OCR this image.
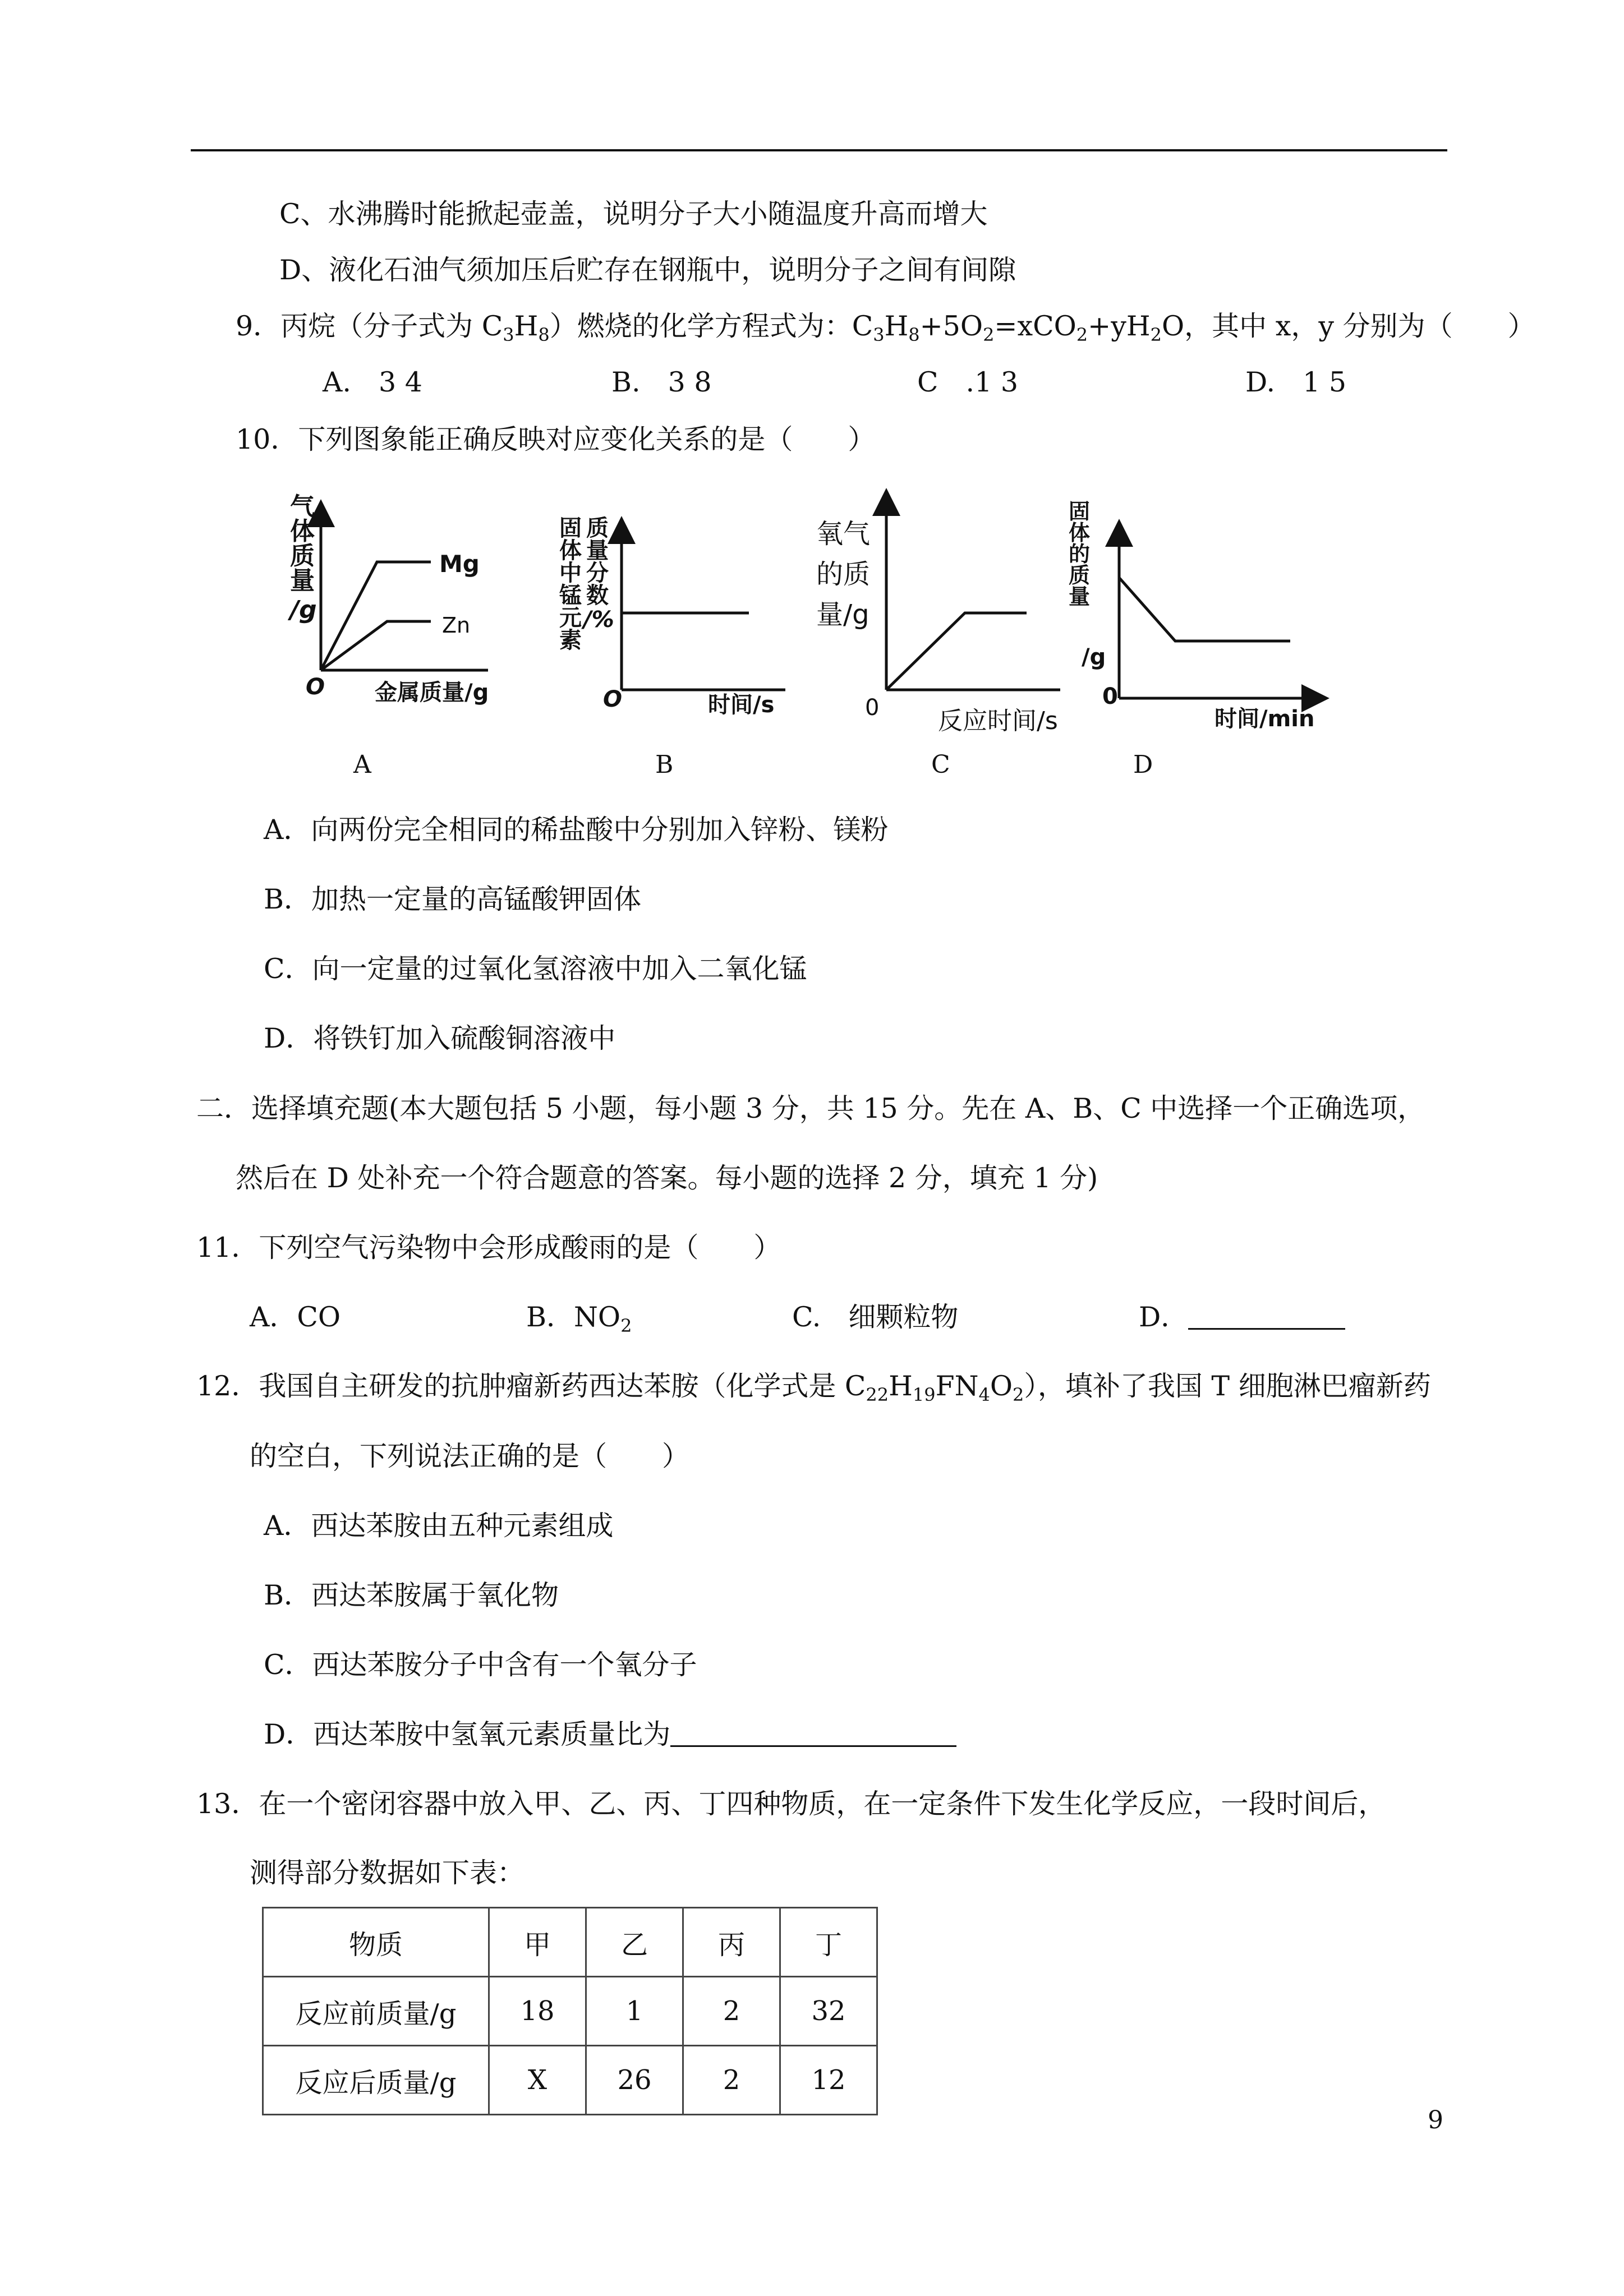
C、水沸腾时能掀起壶盖，说明分子大小随温度升高而增大
D、液化石油气须加压后贮存在钢瓶中，说明分子之间有间隙
9．丙烷（分子式为 $C_3H_8$）燃烧的化学方程式为：$C_3H_8+5O_2=xCO_2+yH_2O$，其中 x，y 分别为（　　）
A.　3 4	B.　3 8	C　.1 3	D.　1 5
10．下列图象能正确反映对应变化关系的是（　　）
气
体
质
量
/g
Mg
Zn
O 金属质量/g
固
体
中
锰
元
素
质
量
分
数
/%
O	时间/s
氧气
的质
量/g
0 反应时间/s
固
体
的
质
量
/g
0
时间/min
A	B	C	D
A．向两份完全相同的稀盐酸中分别加入锌粉、镁粉
B．加热一定量的高锰酸钾固体
C．向一定量的过氧化氢溶液中加入二氧化锰
D．将铁钉加入硫酸铜溶液中
二．选择填充题(本大题包括 5 小题，每小题 3 分，共 15 分。先在 A、B、C 中选择一个正确选项，
然后在 D 处补充一个符合题意的答案。每小题的选择 2 分，填充 1 分)
11．下列空气污染物中会形成酸雨的是（　　）
A．CO	B．$NO_2$	C.　细颗粒物	D．
12．我国自主研发的抗肿瘤新药西达苯胺（化学式是 $C_{22}H_{19}FN_4O_2$），填补了我国 T 细胞淋巴瘤新药
的空白，下列说法正确的是（　　）
A．西达苯胺由五种元素组成
B．西达苯胺属于氧化物
C．西达苯胺分子中含有一个氧分子
D．西达苯胺中氢氧元素质量比为
13．在一个密闭容器中放入甲、乙、丙、丁四种物质，在一定条件下发生化学反应，一段时间后，
测得部分数据如下表：
物质	甲	乙	丙	丁
反应前质量/g	18	1	2	32
反应后质量/g	X	26	2	12
9
